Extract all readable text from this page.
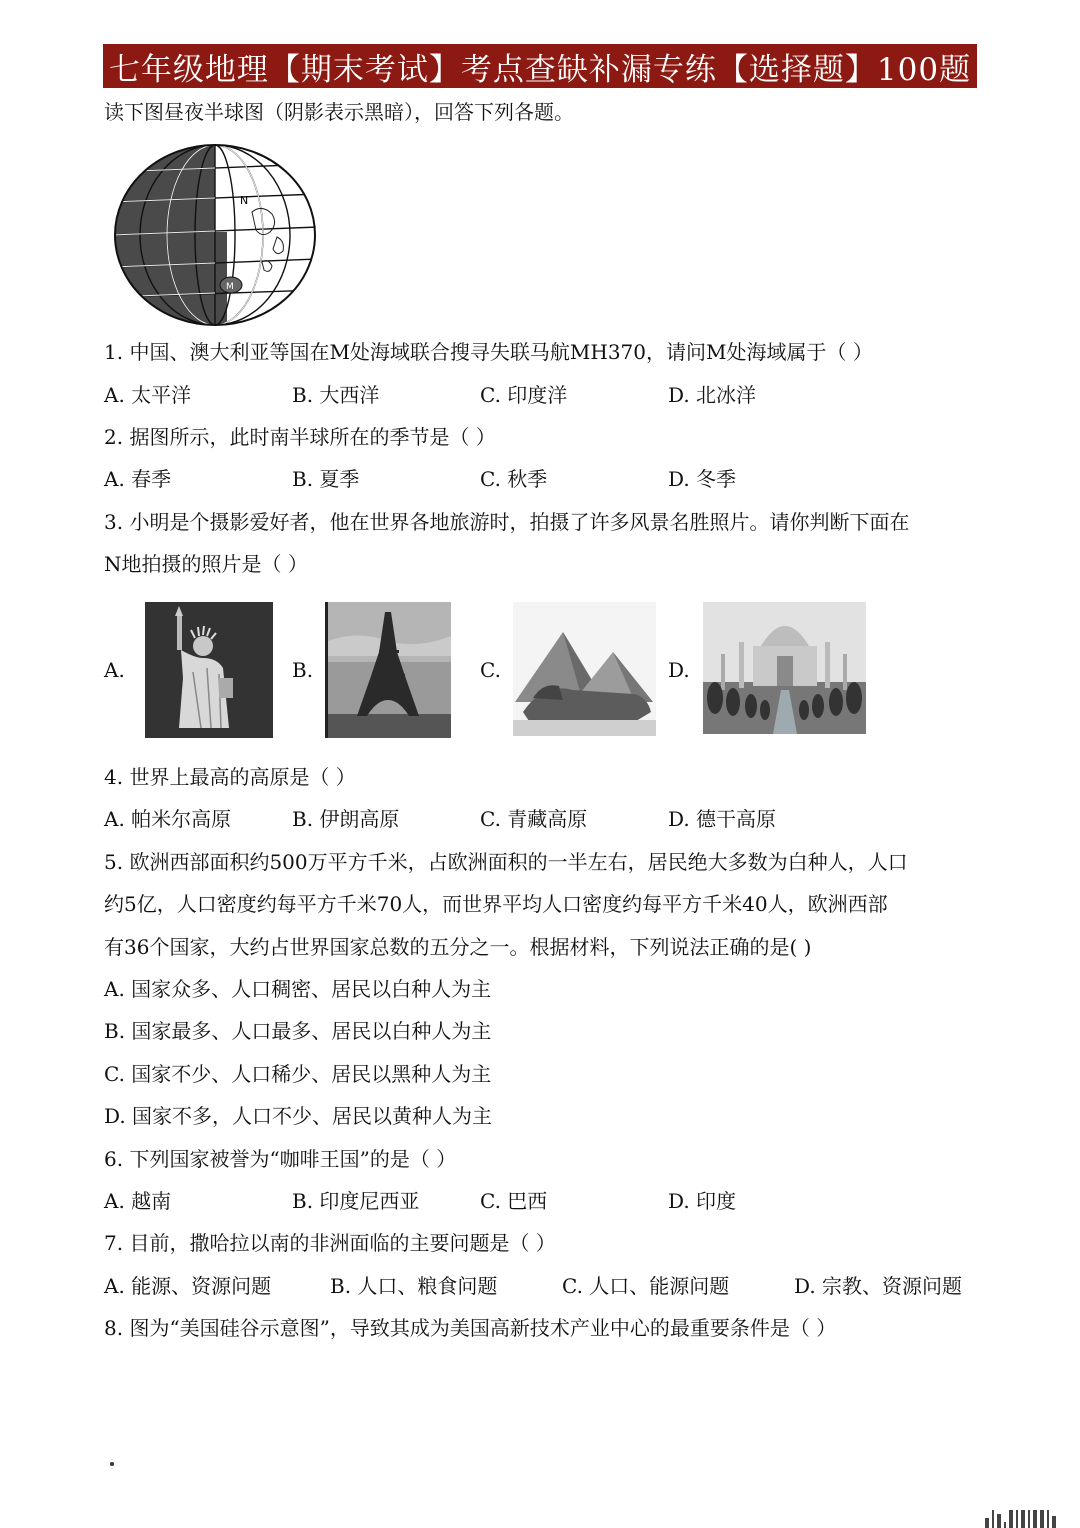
七年级地理【期末考试】考点查缺补漏专练【选择题】100题
读下图昼夜半球图（阴影表示黑暗），回答下列各题。
N
M
1. 中国、澳大利亚等国在M处海域联合搜寻失联马航MH370，请问M处海域属于（ ）
A. 太平洋	B. 大西洋	C. 印度洋	D. 北冰洋
2. 据图所示，此时南半球所在的季节是（ ）
A. 春季	B. 夏季	C. 秋季	D. 冬季
3. 小明是个摄影爱好者，他在世界各地旅游时，拍摄了许多风景名胜照片。请你判断下面在
N地拍摄的照片是（ ）
A.	B.	C.	D.
4. 世界上最高的高原是（ ）
A. 帕米尔高原	B. 伊朗高原	C. 青藏高原	D. 德干高原
5. 欧洲西部面积约500万平方千米，占欧洲面积的一半左右，居民绝大多数为白种人，人口
约5亿，人口密度约每平方千米70人，而世界平均人口密度约每平方千米40人，欧洲西部
有36个国家，大约占世界国家总数的五分之一。根据材料，下列说法正确的是( )
A. 国家众多、人口稠密、居民以白种人为主
B. 国家最多、人口最多、居民以白种人为主
C. 国家不少、人口稀少、居民以黑种人为主
D. 国家不多，人口不少、居民以黄种人为主
6. 下列国家被誉为“咖啡王国”的是（ ）
A. 越南	B. 印度尼西亚	C. 巴西	D. 印度
7. 目前，撒哈拉以南的非洲面临的主要问题是（ ）
A. 能源、资源问题	B. 人口、粮食问题	C. 人口、能源问题	D. 宗教、资源问题
8. 图为“美国硅谷示意图”，导致其成为美国高新技术产业中心的最重要条件是（ ）
